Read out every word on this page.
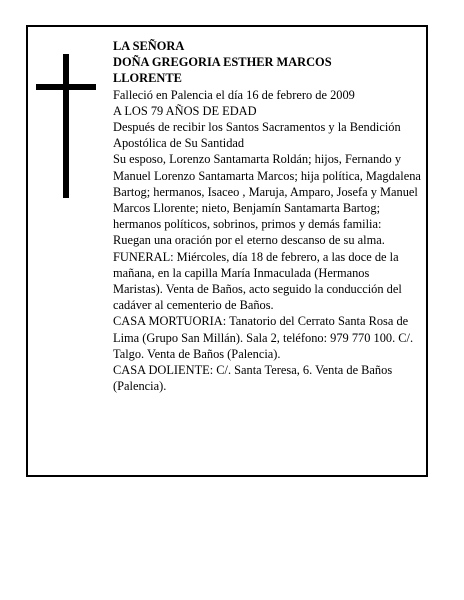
LA SEÑORA
DOÑA GREGORIA ESTHER MARCOS
LLORENTE

Falleció en Palencia el día 16 de febrero de 2009

A LOS 79 AÑOS DE EDAD

Después de recibir los Santos Sacramentos y la Bendición Apostólica de Su Santidad

Su esposo, Lorenzo Santamarta Roldán; hijos, Fernando y Manuel Lorenzo Santamarta Marcos; hija política, Magdalena Bartog; hermanos, Isaceo , Maruja, Amparo, Josefa y Manuel Marcos Llorente; nieto, Benjamín Santamarta Bartog; hermanos políticos, sobrinos, primos y demás familia:

Ruegan una oración por el eterno descanso de su alma.

FUNERAL: Miércoles, día 18 de febrero, a las doce de la mañana, en la capilla María Inmaculada (Hermanos Maristas). Venta de Baños, acto seguido la conducción del cadáver al cementerio de Baños.

CASA MORTUORIA: Tanatorio del Cerrato Santa Rosa de Lima (Grupo San Millán). Sala 2, teléfono: 979 770 100. C/. Talgo. Venta de Baños (Palencia).

CASA DOLIENTE: C/. Santa Teresa, 6. Venta de Baños (Palencia).
